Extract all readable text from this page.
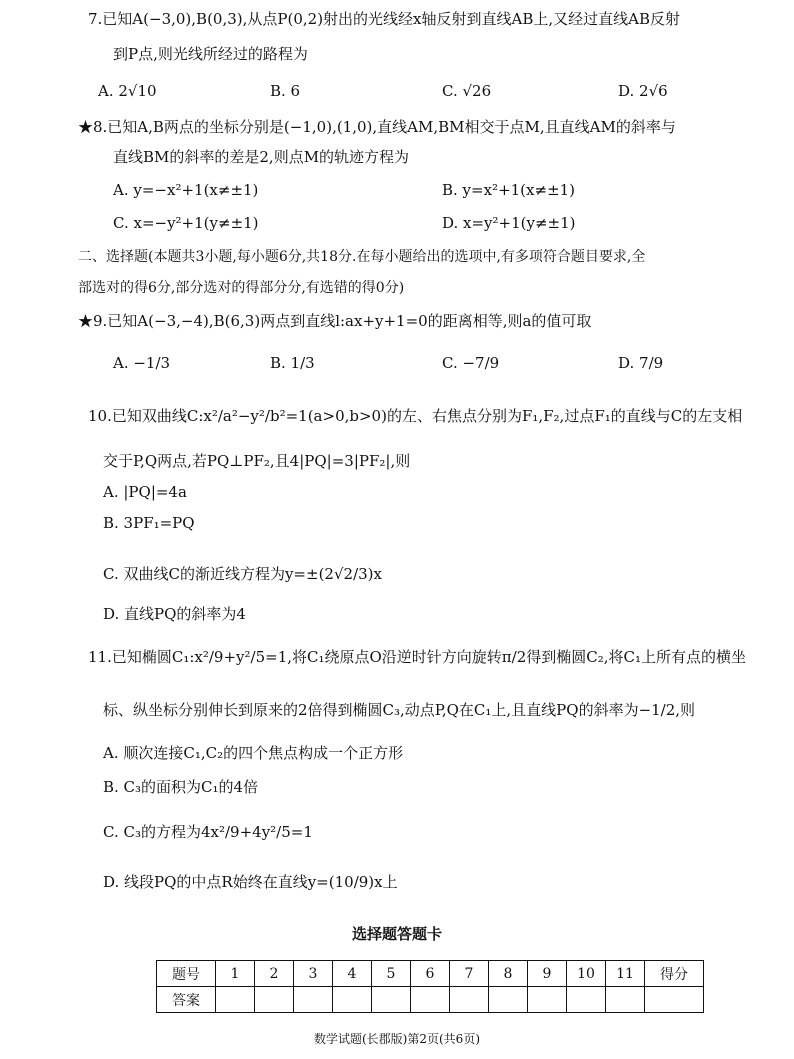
7.已知A(−3,0),B(0,3),从点P(0,2)射出的光线经x轴反射到直线AB上,又经过直线AB反射
到P点,则光线所经过的路程为
A. 2√10	B. 6	C. √26	D. 2√6
★8.已知A,B两点的坐标分别是(−1,0),(1,0),直线AM,BM相交于点M,且直线AM的斜率与
直线BM的斜率的差是2,则点M的轨迹方程为
A. y=−x²+1(x≠±1)	B. y=x²+1(x≠±1)
C. x=−y²+1(y≠±1)	D. x=y²+1(y≠±1)
二、选择题(本题共3小题,每小题6分,共18分.在每小题给出的选项中,有多项符合题目要求,全
部选对的得6分,部分选对的得部分分,有选错的得0分)
★9.已知A(−3,−4),B(6,3)两点到直线l:ax+y+1=0的距离相等,则a的值可取
A. −1/3	B. 1/3	C. −7/9	D. 7/9
10.已知双曲线C:x²/a²−y²/b²=1(a>0,b>0)的左、右焦点分别为F₁,F₂,过点F₁的直线与C的左支相
交于P,Q两点,若PQ⊥PF₂,且4|PQ|=3|PF₂|,则
A. |PQ|=4a
B. 3PF₁=PQ
C. 双曲线C的渐近线方程为y=±(2√2/3)x
D. 直线PQ的斜率为4
11.已知椭圆C₁:x²/9+y²/5=1,将C₁绕原点O沿逆时针方向旋转π/2得到椭圆C₂,将C₁上所有点的横坐
标、纵坐标分别伸长到原来的2倍得到椭圆C₃,动点P,Q在C₁上,且直线PQ的斜率为−1/2,则
A. 顺次连接C₁,C₂的四个焦点构成一个正方形
B. C₃的面积为C₁的4倍
C. C₃的方程为4x²/9+4y²/5=1
D. 线段PQ的中点R始终在直线y=(10/9)x上
选择题答题卡
题号	1	2	3	4	5	6	7	8	9	10	11	得分
答案												
数学试题(长郡版)第2页(共6页)
